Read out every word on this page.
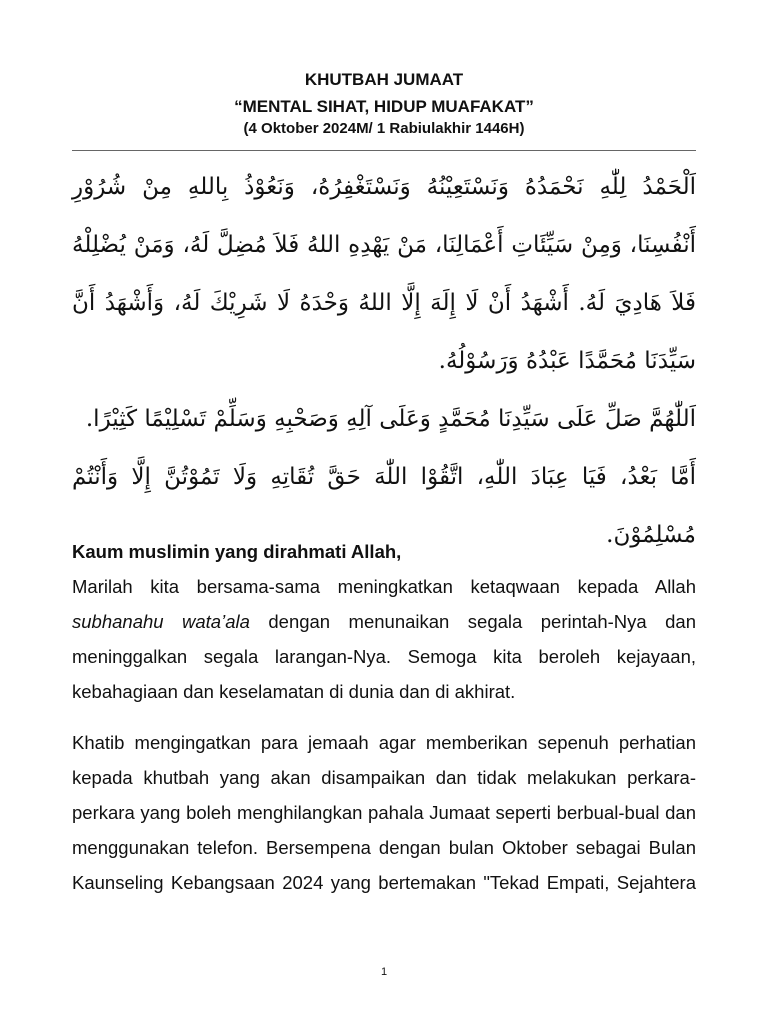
KHUTBAH JUMAAT
“MENTAL SIHAT, HIDUP MUAFAKAT”
(4 Oktober 2024M/ 1 Rabiulakhir 1446H)

اَلْحَمْدُ لِلّٰهِ نَحْمَدُهُ وَنَسْتَعِيْنُهُ وَنَسْتَغْفِرُهُ، وَنَعُوْذُ بِاللهِ مِنْ شُرُوْرِ أَنْفُسِنَا، وَمِنْ سَيِّئَاتِ أَعْمَالِنَا، مَنْ يَهْدِهِ اللهُ فَلاَ مُضِلَّ لَهُ، وَمَنْ يُضْلِلْهُ فَلاَ هَادِيَ لَهُ. أَشْهَدُ أَنْ لَا إِلَهَ إِلَّا اللهُ وَحْدَهُ لَا شَرِيْكَ لَهُ، وَأَشْهَدُ أَنَّ سَيِّدَنَا مُحَمَّدًا عَبْدُهُ وَرَسُوْلُهُ.

اَللّٰهُمَّ صَلِّ عَلَى سَيِّدِنَا مُحَمَّدٍ وَعَلَى آلِهِ وَصَحْبِهِ وَسَلِّمْ تَسْلِيْمًا كَثِيْرًا.

أَمَّا بَعْدُ، فَيَا عِبَادَ اللّٰهِ، اتَّقُوْا اللّٰهَ حَقَّ تُقَاتِهِ وَلَا تَمُوْتُنَّ إِلَّا وَأَنْتُمْ مُسْلِمُوْنَ.

Kaum muslimin yang dirahmati Allah,

Marilah kita bersama-sama meningkatkan ketaqwaan kepada Allah subhanahu wata’ala dengan menunaikan segala perintah-Nya dan meninggalkan segala larangan-Nya. Semoga kita beroleh kejayaan, kebahagiaan dan keselamatan di dunia dan di akhirat.

Khatib mengingatkan para jemaah agar memberikan sepenuh perhatian kepada khutbah yang akan disampaikan dan tidak melakukan perkara-perkara yang boleh menghilangkan pahala Jumaat seperti berbual-bual dan menggunakan telefon. Bersempena dengan bulan Oktober sebagai Bulan Kaunseling Kebangsaan 2024 yang bertemakan "Tekad Empati, Sejahtera

1
